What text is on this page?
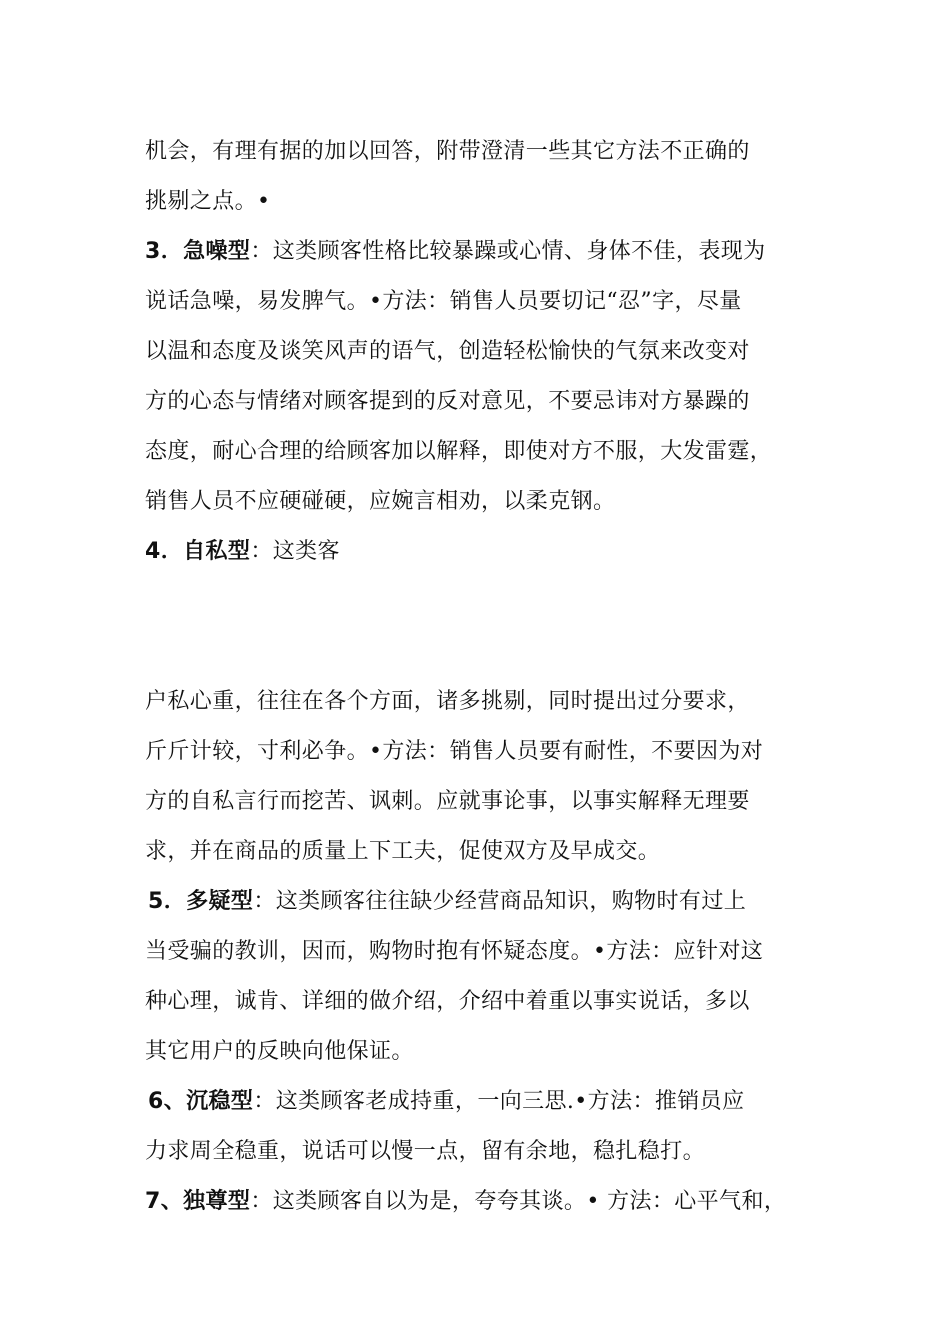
机会，有理有据的加以回答，附带澄清一些其它方法不正确的
挑剔之点。•
3．急噪型：这类顾客性格比较暴躁或心情、身体不佳，表现为
说话急噪，易发脾气。•方法：销售人员要切记“忍”字，尽量
以温和态度及谈笑风声的语气，创造轻松愉快的气氛来改变对
方的心态与情绪对顾客提到的反对意见，不要忌讳对方暴躁的
态度，耐心合理的给顾客加以解释，即使对方不服，大发雷霆，
销售人员不应硬碰硬，应婉言相劝，以柔克钢。
4．自私型：这类客
户私心重，往往在各个方面，诸多挑剔，同时提出过分要求，
斤斤计较，寸利必争。•方法：销售人员要有耐性，不要因为对
方的自私言行而挖苦、讽刺。应就事论事，以事实解释无理要
求，并在商品的质量上下工夫，促使双方及早成交。
5．多疑型：这类顾客往往缺少经营商品知识，购物时有过上
当受骗的教训，因而，购物时抱有怀疑态度。•方法：应针对这
种心理，诚肯、详细的做介绍，介绍中着重以事实说话，多以
其它用户的反映向他保证。
6、沉稳型：这类顾客老成持重，一向三思.•方法：推销员应
力求周全稳重，说话可以慢一点，留有余地，稳扎稳打。
7、独尊型：这类顾客自以为是，夸夸其谈。• 方法：心平气和，
